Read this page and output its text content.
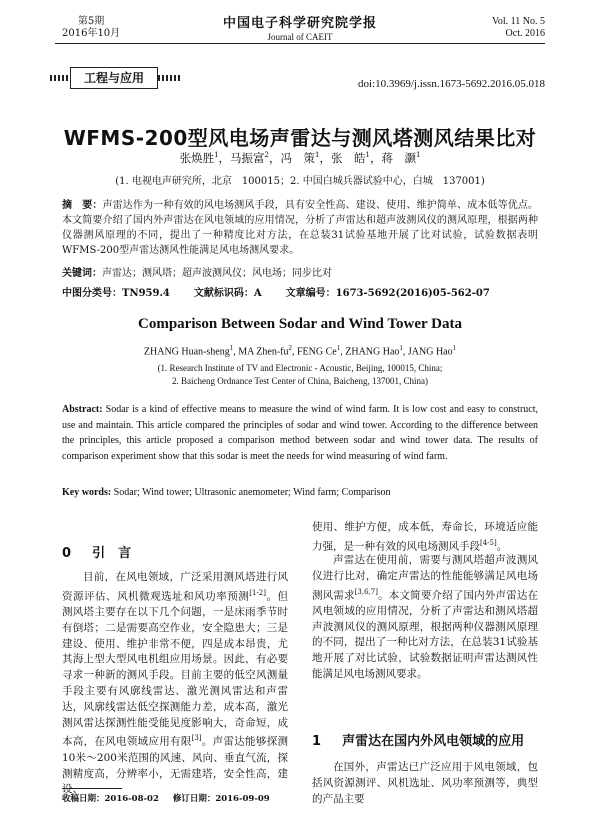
第5期
2016年10月
中国电子科学研究院学报
Journal of CAEIT
Vol. 11 No. 5
Oct. 2016
工程与应用	doi:10.3969/j.issn.1673-5692.2016.05.018
WFMS-200型风电场声雷达与测风塔测风结果比对
张焕胜$^1$，马振富$^2$，冯　策$^1$，张　皓$^1$，蒋　灏$^1$
(1. 电视电声研究所，北京　100015；2. 中国白城兵器试验中心，白城　137001)
摘　要：声雷达作为一种有效的风电场测风手段，具有安全性高、建设、使用、维护简单、成本低等优点。本文简要介绍了国内外声雷达在风电领域的应用情况，分析了声雷达和超声波测风仪的测风原理，根据两种仪器测风原理的不同，提出了一种精度比对方法，在总装31试验基地开展了比对试验，试验数据表明WFMS-200型声雷达测风性能满足风电场测风要求。
关键词：声雷达；测风塔；超声波测风仪；风电场；同步比对
中图分类号：TN959.4 文献标识码：A 文章编号：1673-5692(2016)05-562-07
Comparison Between Sodar and Wind Tower Data
ZHANG Huan-sheng$^1$, MA Zhen-$fu^2$, FENG Ce$^1$, ZHANG Hao$^1$, JANG Hao$^1$
(1. Research Institute of TV and Electronic - Acoustic, Beijing, 100015, China;
2. Baicheng Ordnance Test Center of China, Baicheng, 137001, China)
Abstract: Sodar is a kind of effective means to measure the wind of wind farm. It is low cost and easy to construct, use and maintain. This article compared the principles of sodar and wind tower. According to the difference between the principles, this article proposed a comparison method between sodar and wind tower data. The results of comparison experiment show that this sodar is meet the needs for wind measuring of wind farm.
Key words: Sodar; Wind tower; Ultrasonic anemometer; Wind farm; Comparison
0 引　言
目前，在风电领域，广泛采用测风塔进行风资源评估、风机微观选址和风功率预测[1-2]。但测风塔主要存在以下几个问题，一是床雨季节时有倒塔；二是需要高空作业，安全隐患大；三是建设、使用、维护非常不便，四是成本昂贵，尤其海上型大型风电机组应用场景。因此，有必要寻求一种新的测风手段。目前主要的低空风测量手段主要有风廓线雷达、激光测风雷达和声雷达，风廓线雷达低空探测能力差，成本高，激光测风雷达探测性能受能见度影响大，奇命短，成本高，在风电领域应用有限[3]。声雷达能够探测10米～200米范围的风速、风向、垂直气流，探测精度高，分辨率小，无需建塔，安全性高，建设、
使用、维护方便，成本低，寿命长，环境适应能力强，是一种有效的风电场测风手段[4-5]。
声雷达在使用前，需要与测风塔超声波测风仪进行比对，确定声雷达的性能能够满足风电场测风需求[3,6,7]。本文简要介绍了国内外声雷达在风电领域的应用情况，分析了声雷达和测风塔超声波测风仪的测风原理，根据两种仪器测风原理的不同，提出了一种比对方法，在总装31试验基地开展了对比试验，试验数据证明声雷达测风性能满足风电场测风要求。
1 声雷达在国内外风电领域的应用
在国外，声雷达已广泛应用于风电领域，包括风资源测评、风机选址、风功率预测等，典型的产品主要
收稿日期：2016-08-02 修订日期：2016-09-09
